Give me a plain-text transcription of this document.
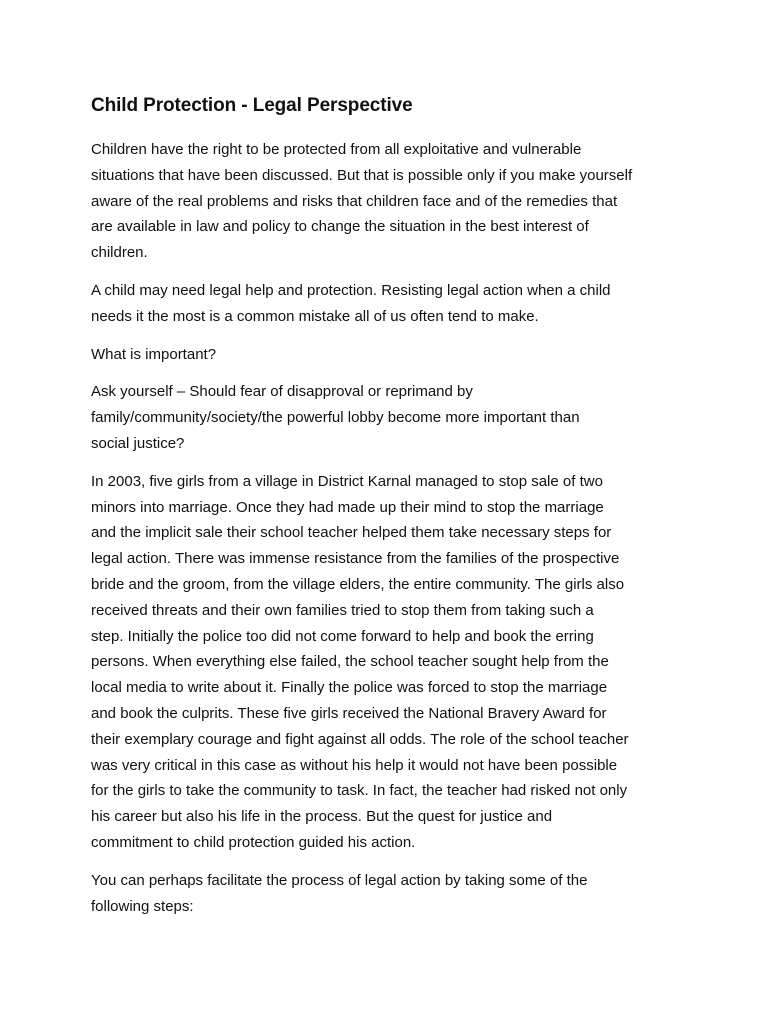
Child Protection - Legal Perspective

Children have the right to be protected from all exploitative and vulnerable
situations that have been discussed. But that is possible only if you make yourself
aware of the real problems and risks that children face and of the remedies that
are available in law and policy to change the situation in the best interest of
children.

A child may need legal help and protection. Resisting legal action when a child
needs it the most is a common mistake all of us often tend to make.

What is important?

Ask yourself – Should fear of disapproval or reprimand by
family/community/society/the powerful lobby become more important than
social justice?

In 2003, five girls from a village in District Karnal managed to stop sale of two
minors into marriage. Once they had made up their mind to stop the marriage
and the implicit sale their school teacher helped them take necessary steps for
legal action. There was immense resistance from the families of the prospective
bride and the groom, from the village elders, the entire community. The girls also
received threats and their own families tried to stop them from taking such a
step. Initially the police too did not come forward to help and book the erring
persons. When everything else failed, the school teacher sought help from the
local media to write about it. Finally the police was forced to stop the marriage
and book the culprits. These five girls received the National Bravery Award for
their exemplary courage and fight against all odds. The role of the school teacher
was very critical in this case as without his help it would not have been possible
for the girls to take the community to task. In fact, the teacher had risked not only
his career but also his life in the process. But the quest for justice and
commitment to child protection guided his action.

You can perhaps facilitate the process of legal action by taking some of the
following steps:
